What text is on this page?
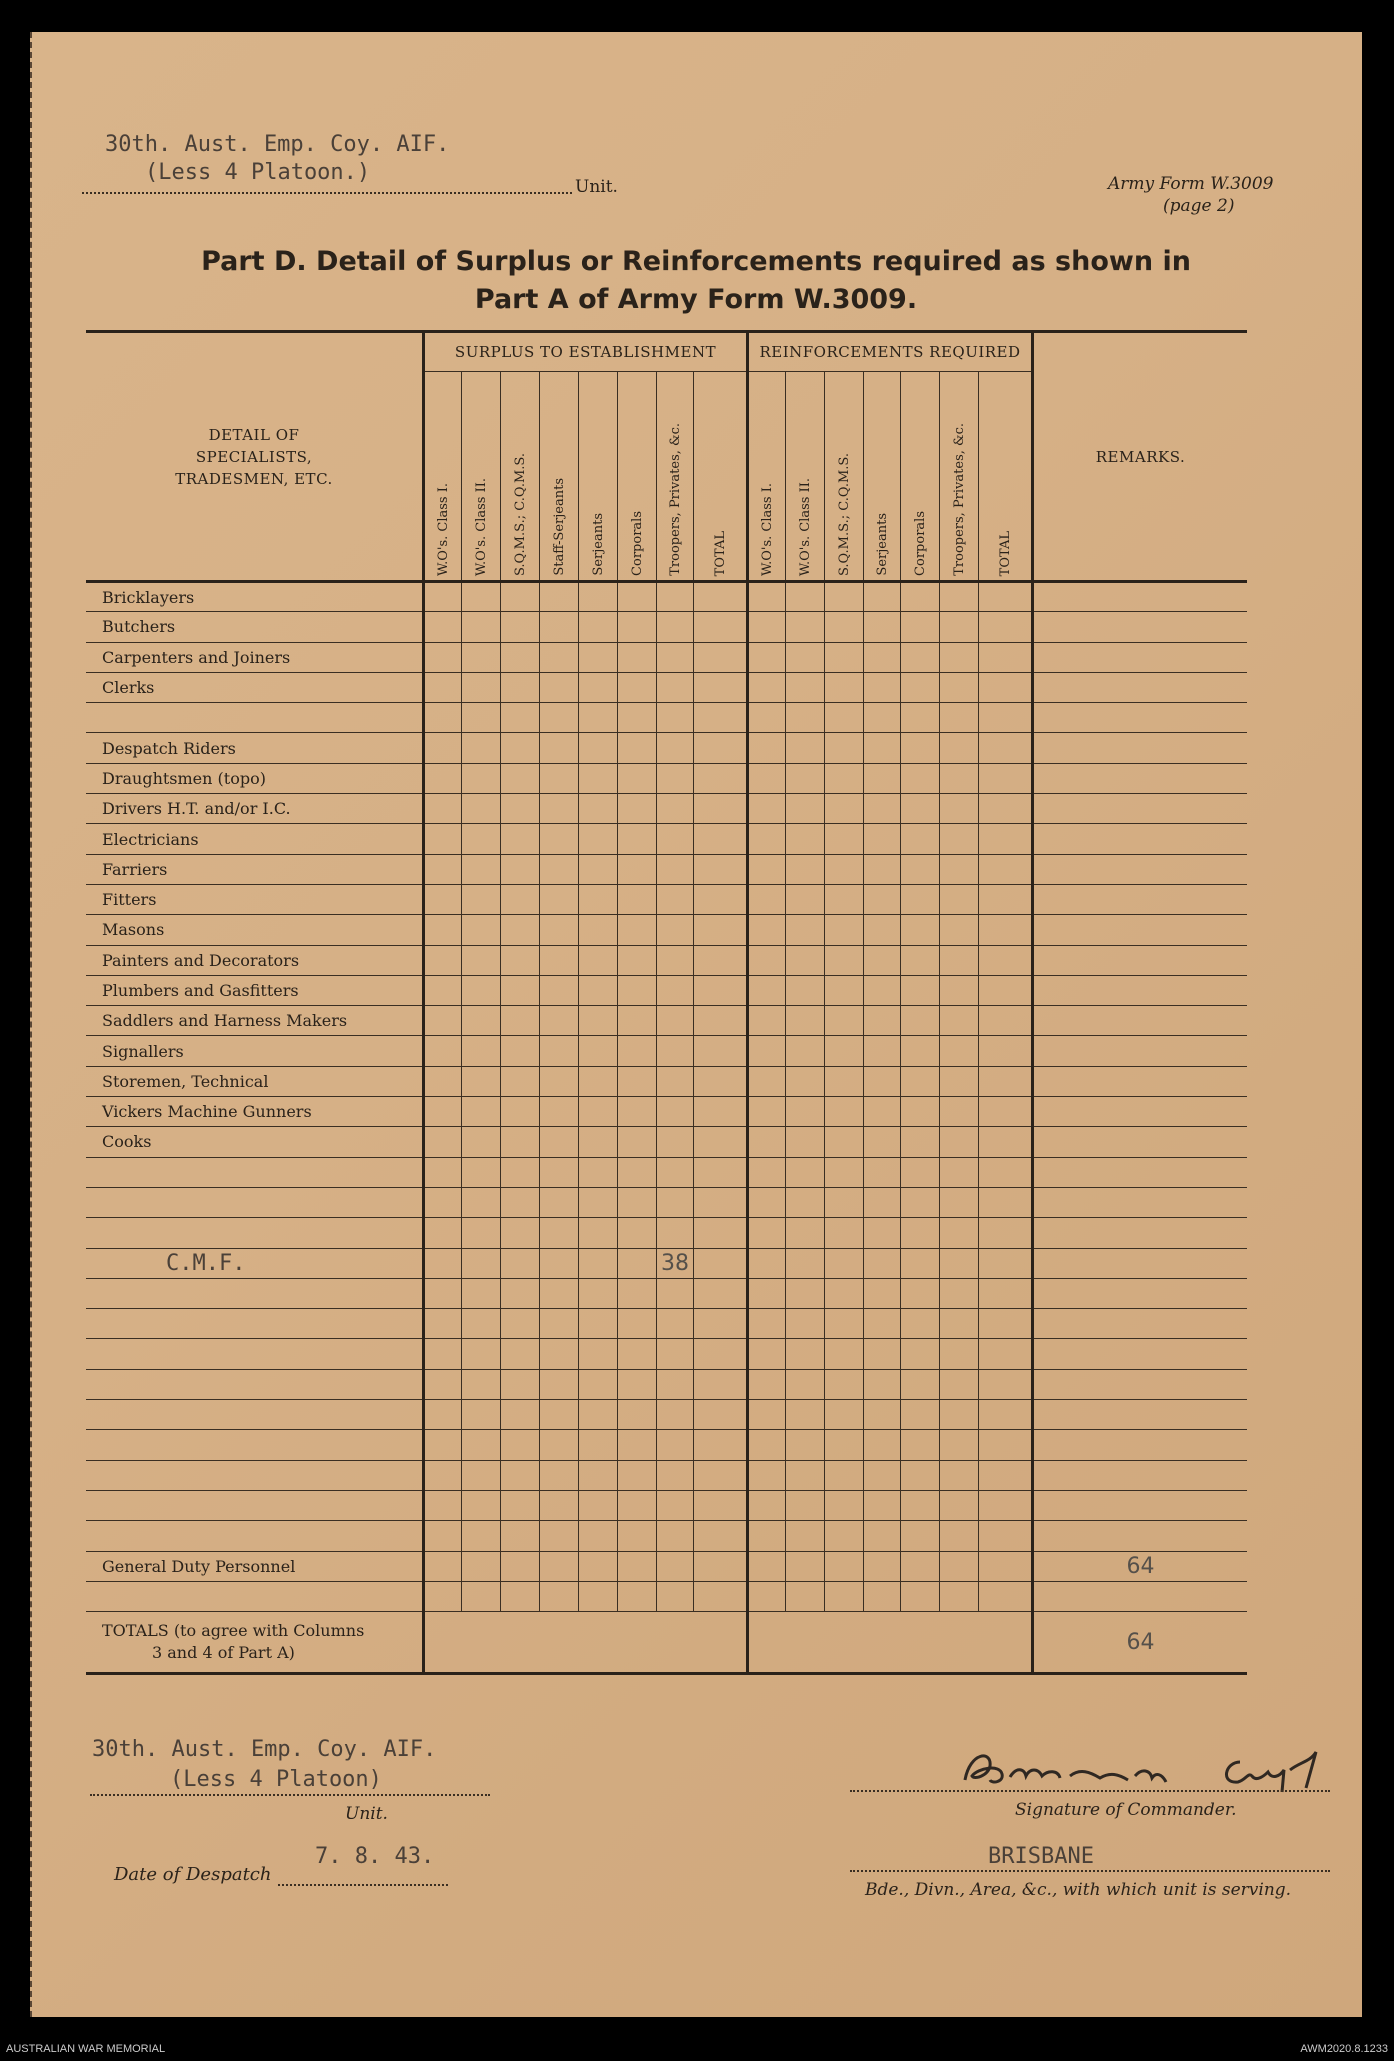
30th. Aust. Emp. Coy. AIF.
(Less 4 Platoon.)
Unit.	Army Form W.3009
(page 2)
Part D. Detail of Surplus or Reinforcements required as shown in
Part A of Army Form W.3009.
DETAIL OF SPECIALISTS, TRADESMEN, ETC.	SURPLUS TO ESTABLISHMENT								REINFORCEMENTS REQUIRED							REMARKS.

	W.O's. Class I.	W.O's. Class II.	S.Q.M.S.; C.Q.M.S.	Staff-Serjeants	Serjeants	Corporals	Troopers, Privates, &c.	TOTAL	W.O's. Class I.	W.O's. Class II.	S.Q.M.S.; C.Q.M.S.	Serjeants	Corporals	Troopers, Privates, &c.	TOTAL	
Bricklayers																
Butchers																
Carpenters and Joiners																
Clerks																

Despatch Riders																
Draughtsmen (topo)																
Drivers H.T. and/or I.C.																
Electricians																
Farriers																
Fitters																
Masons																
Painters and Decorators																
Plumbers and Gasfitters																
Saddlers and Harness Makers																
Signallers																
Storemen, Technical																
Vickers Machine Gunners																
Cooks																

C.M.F.							38									

General Duty Personnel																64

TOTALS (to agree with Columns
3 and 4 of Part A)																64
30th. Aust. Emp. Coy. AIF.
(Less 4 Platoon)
Unit.	Signature of Commander.
Date of Despatch
7. 8. 43.	BRISBANE
Bde., Divn., Area, &c., with which unit is serving.
AUSTRALIAN WAR MEMORIAL	AWM2020.8.1233
